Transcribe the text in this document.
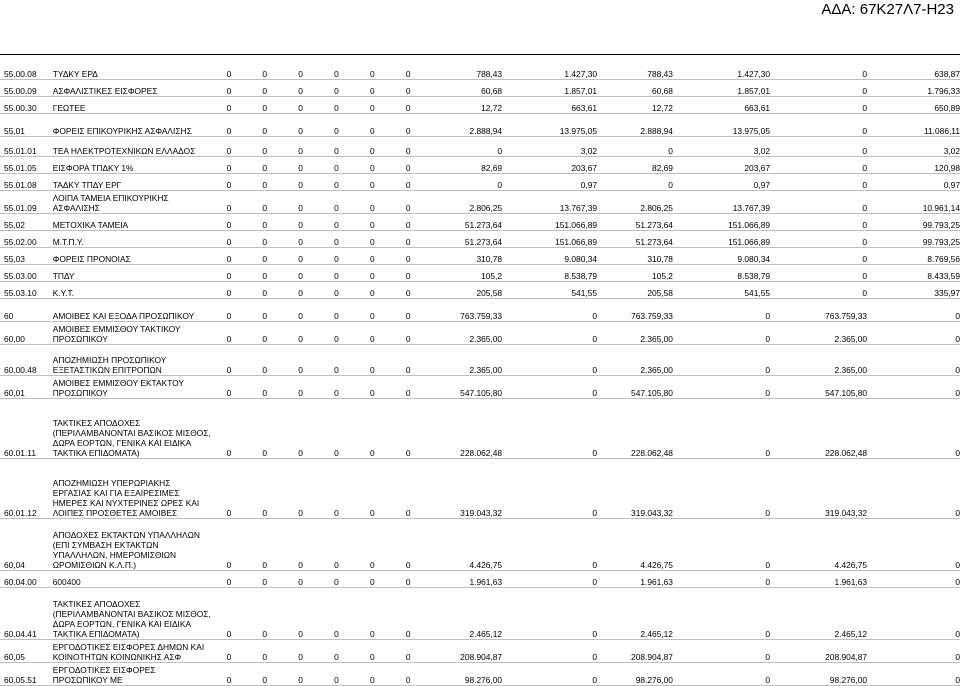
ΑΔΑ: 67Κ27Λ7-Η23
55.00.08	ΤΥΔΚΥ ΕΡΔ	0	0	0	0	0	0	788,43	1.427,30	788,43	1.427,30	0	638,87
55.00.09	ΑΣΦΑΛΙΣΤΙΚΕΣ ΕΙΣΦΟΡΕΣ	0	0	0	0	0	0	60,68	1.857,01	60,68	1.857,01	0	1.796,33
55.00.30	ΓΕΩΤΕΕ	0	0	0	0	0	0	12,72	663,61	12,72	663,61	0	650,89
55,01	ΦΟΡΕΙΣ ΕΠΙΚΟΥΡΙΚΗΣ ΑΣΦΑΛΙΣΗΣ	0	0	0	0	0	0	2.888,94	13.975,05	2.888,94	13.975,05	0	11.086,11
55.01.01	ΤΕΑ ΗΛΕΚΤΡΟΤΕΧΝΙΚΩΝ ΕΛΛΑΔΟΣ	0	0	0	0	0	0	0	3,02	0	3,02	0	3,02
55.01.05	ΕΙΣΦΟΡΑ ΤΠΔΚΥ 1%	0	0	0	0	0	0	82,69	203,67	82,69	203,67	0	120,98
55.01.08	ΤΑΔΚΥ ΤΠΔΥ ΕΡΓ	0	0	0	0	0	0	0	0,97	0	0,97	0	0,97
55.01.09	ΛΟΙΠΑ ΤΑΜΕΙΑ ΕΠΙΚΟΥΡΙΚΗΣ ΑΣΦΑΛΙΣΗΣ	0	0	0	0	0	0	2.806,25	13.767,39	2.806,25	13.767,39	0	10.961,14
55,02	ΜΕΤΟΧΙΚΑ ΤΑΜΕΙΑ	0	0	0	0	0	0	51.273,64	151.066,89	51.273,64	151.066,89	0	99.793,25
55.02.00	Μ.Τ.Π.Υ.	0	0	0	0	0	0	51.273,64	151.066,89	51.273,64	151.066,89	0	99.793,25
55,03	ΦΟΡΕΙΣ ΠΡΟΝΟΙΑΣ	0	0	0	0	0	0	310,78	9.080,34	310,78	9.080,34	0	8.769,56
55.03.00	ΤΠΔΥ	0	0	0	0	0	0	105,2	8.538,79	105,2	8.538,79	0	8.433,59
55.03.10	Κ.Υ.Τ.	0	0	0	0	0	0	205,58	541,55	205,58	541,55	0	335,97
60	ΑΜΟΙΒΕΣ ΚΑΙ ΕΞΟΔΑ ΠΡΟΣΩΠΙΚΟΥ	0	0	0	0	0	0	763.759,33	0	763.759,33	0	763.759,33	0
60,00	ΑΜΟΙΒΕΣ ΕΜΜΙΣΘΟΥ ΤΑΚΤΙΚΟΥ ΠΡΟΣΩΠΙΚΟΥ	0	0	0	0	0	0	2.365,00	0	2.365,00	0	2.365,00	0
60.00.48	ΑΠΟΖΗΜΙΩΣΗ ΠΡΟΣΩΠΙΚΟΥ ΕΞΕΤΑΣΤΙΚΩΝ ΕΠΙΤΡΟΠΩΝ	0	0	0	0	0	0	2.365,00	0	2.365,00	0	2.365,00	0
60,01	ΑΜΟΙΒΕΣ ΕΜΜΙΣΘΟΥ ΕΚΤΑΚΤΟΥ ΠΡΟΣΩΠΙΚΟΥ	0	0	0	0	0	0	547.105,80	0	547.105,80	0	547.105,80	0
60.01.11	ΤΑΚΤΙΚΕΣ ΑΠΟΔΟΧΕΣ (ΠΕΡΙΛΑΜΒΑΝΟΝΤΑΙ ΒΑΣΙΚΟΣ ΜΙΣΘΟΣ, ΔΩΡΑ ΕΟΡΤΩΝ, ΓΕΝΙΚΑ ΚΑΙ ΕΙΔΙΚΑ ΤΑΚΤΙΚΑ ΕΠΙΔΟΜΑΤΑ)	0	0	0	0	0	0	228.062,48	0	228.062,48	0	228.062,48	0
60.01.12	ΑΠΟΖΗΜΙΩΣΗ ΥΠΕΡΩΡΙΑΚΗΣ ΕΡΓΑΣΙΑΣ ΚΑΙ ΓΙΑ ΕΞΑΙΡΕΣΙΜΕΣ ΗΜΕΡΕΣ ΚΑΙ ΝΥΧΤΕΡΙΝΕΣ ΩΡΕΣ ΚΑΙ ΛΟΙΠΕΣ ΠΡΟΣΘΕΤΕΣ ΑΜΟΙΒΕΣ	0	0	0	0	0	0	319.043,32	0	319.043,32	0	319.043,32	0
60,04	ΑΠΟΔΟΧΕΣ ΕΚΤΑΚΤΩΝ ΥΠΑΛΛΗΛΩΝ (ΕΠΙ ΣΥΜΒΑΣΗ ΕΚΤΑΚΤΩΝ ΥΠΑΛΛΗΛΩΝ, ΗΜΕΡΟΜΙΣΘΙΩΝ ΩΡΟΜΙΣΘΙΩΝ Κ.Λ.Π.)	0	0	0	0	0	0	4.426,75	0	4.426,75	0	4.426,75	0
60.04.00	600400	0	0	0	0	0	0	1.961,63	0	1.961,63	0	1.961,63	0
60.04.41	ΤΑΚΤΙΚΕΣ ΑΠΟΔΟΧΕΣ (ΠΕΡΙΛΑΜΒΑΝΟΝΤΑΙ ΒΑΣΙΚΟΣ ΜΙΣΘΟΣ, ΔΩΡΑ ΕΟΡΤΩΝ, ΓΕΝΙΚΑ ΚΑΙ ΕΙΔΙΚΑ ΤΑΚΤΙΚΑ ΕΠΙΔΟΜΑΤΑ)	0	0	0	0	0	0	2.465,12	0	2.465,12	0	2.465,12	0
60,05	ΕΡΓΟΔΟΤΙΚΕΣ ΕΙΣΦΟΡΕΣ ΔΗΜΩΝ ΚΑΙ ΚΟΙΝΟΤΗΤΩΝ ΚΟΙΝΩΝΙΚΗΣ ΑΣΦ	0	0	0	0	0	0	208.904,87	0	208.904,87	0	208.904,87	0
60.05.51	ΕΡΓΟΔΟΤΙΚΕΣ ΕΙΣΦΟΡΕΣ ΠΡΟΣΩΠΙΚΟΥ ΜΕ	0	0	0	0	0	0	98.276,00	0	98.276,00	0	98.276,00	0
